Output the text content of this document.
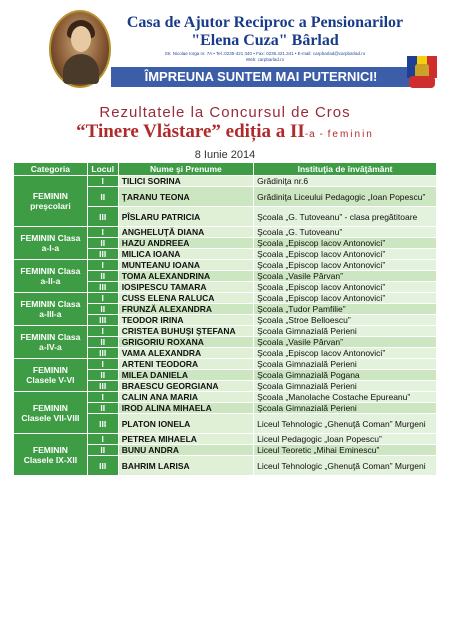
Casa de Ajutor Reciproc a Pensionarilor
"Elena Cuza" Bârlad
Str. Nicolae Iorga nr. 7A • Tel.:0235-421 340 • Fax: 0235.421.341 • E-mail: carpbarlad@carpbarlad.ro
Web: carpbarlad.ro
ÎMPREUNA SUNTEM MAI PUTERNICI!
Rezultatele la Concursul de Cros
“Tinere Vlăstare” ediția a II-a - feminin
8 Iunie 2014
Categoria	Locul	Nume şi Prenume	Instituţia de învăţământ
FEMININ preşcolari	I	TILICI SORINA	Grădiniţa nr.6
	II	ŢARANU TEONA	Grădiniţa Liceului Pedagogic „Ioan Popescu”
	III	PÎSLARU PATRICIA	Şcoala „G. Tutoveanu” - clasa pregătitoare
FEMININ Clasa a-I-a	I	ANGHELUŢĂ DIANA	Şcoala „G. Tutoveanu”
	II	HAZU ANDREEA	Şcoala „Episcop Iacov Antonovici”
	III	MILICA IOANA	Şcoala „Episcop Iacov Antonovici”
FEMININ Clasa a-II-a	I	MUNTEANU IOANA	Şcoala „Episcop Iacov Antonovici”
	II	TOMA ALEXANDRINA	Şcoala „Vasile Pârvan”
	III	IOSIPESCU TAMARA	Şcoala „Episcop Iacov Antonovici”
FEMININ Clasa a-III-a	I	CUSS ELENA RALUCA	Şcoala „Episcop Iacov Antonovici”
	II	FRUNZĂ ALEXANDRA	Şcoala „Tudor Pamfilie”
	III	TEODOR IRINA	Şcoala „Stroe Belloescu”
FEMININ Clasa a-IV-a	I	CRISTEA BUHUŞI ŞTEFANA	Şcoala Gimnazială Perieni
	II	GRIGORIU ROXANA	Şcoala „Vasile Pârvan”
	III	VAMA ALEXANDRA	Şcoala „Episcop Iacov Antonovici”
FEMININ Clasele V-VI	I	ARTENI TEODORA	Şcoala Gimnazială Perieni
	II	MILEA DANIELA	Şcoala Gimnazială Pogana
	III	BRAESCU GEORGIANA	Şcoala Gimnazială Perieni
FEMININ Clasele VII-VIII	I	CALIN ANA MARIA	Şcoala „Manolache Costache Epureanu”
	II	IROD ALINA MIHAELA	Şcoala Gimnazială Perieni
	III	PLATON IONELA	Liceul Tehnologic „Ghenuţă Coman” Murgeni
FEMININ Clasele IX-XII	I	PETREA MIHAELA	Liceul Pedagogic „Ioan Popescu”
	II	BUNU ANDRA	Liceul Teoretic „Mihai Eminescu”
	III	BAHRIM LARISA	Liceul Tehnologic „Ghenuţă Coman” Murgeni
